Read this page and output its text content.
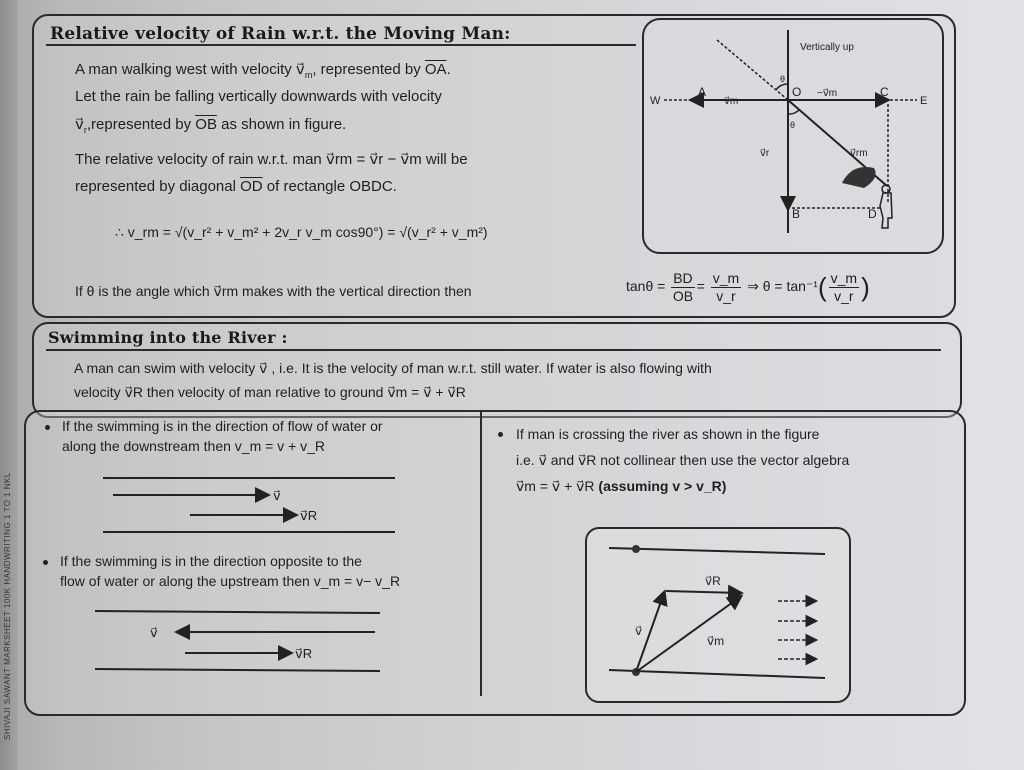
SHIVAJI SAWANT MARKSHEET 100K HANDWRITING 1 TO 1 NKL
Relative velocity of Rain w.r.t. the Moving Man:
A man walking west with velocity $v⃗_m$, represented by $\overline{OA}$.
Let the rain be falling vertically downwards with velocity
$v⃗_r,represented$ by $\overline{OB}$ as shown in figure.
The relative velocity of rain w.r.t. man v⃗rm = v⃗r − v⃗m will be
represented by diagonal $\overline{OD}$ of rectangle OBDC.
∴ v_rm = √(v_r² + v_m² + 2v_r v_m cos90°) = √(v_r² + v_m²)
If θ is the angle which v⃗rm makes with the vertical direction then	$\tan\theta = \frac{BD}{OB} = \frac{v\_m}{v\_r}$ ⇒ $\theta = \tan^{-1}( \frac{v\_m}{v\_r}$ )
Vertically up
W	E
A	O	C
B	D
θ
θ
v⃗m
−v⃗m
v⃗r	v⃗rm
Swimming into the River :
A man can swim with velocity v⃗ , i.e. It is the velocity of man w.r.t. still water. If water is also flowing with
velocity v⃗R then velocity of man relative to ground v⃗m = v⃗ + v⃗R
If the swimming is in the direction of flow of water or
along the downstream then v_m = v + v_R
v⃗
v⃗R
If the swimming is in the direction opposite to the
flow of water or along the upstream then v_m = v− v_R
v⃗
v⃗R
If man is crossing the river as shown in the figure
i.e. v⃗ and v⃗R not collinear then use the vector algebra
v⃗m = v⃗ + v⃗R (assuming v > v_R)
v⃗
v⃗R
v⃗m
